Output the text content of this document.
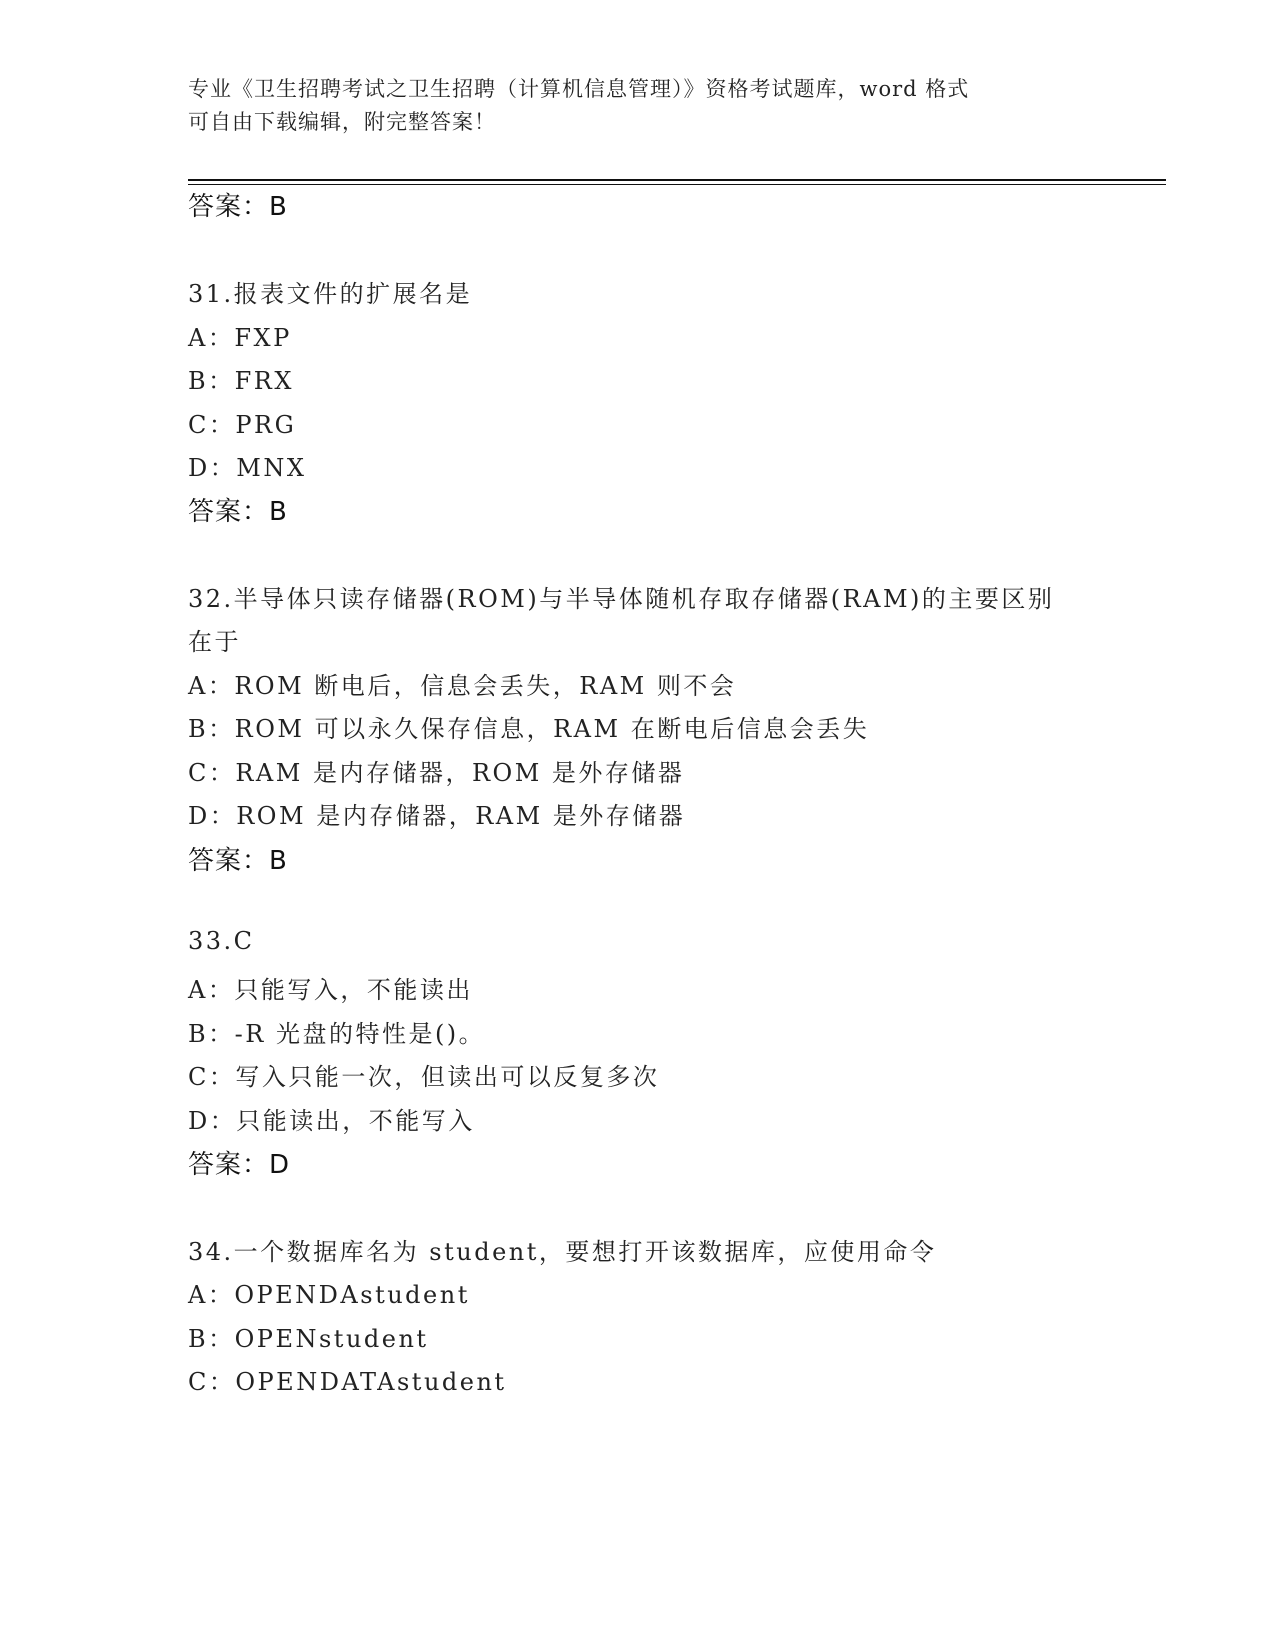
专业《卫生招聘考试之卫生招聘（计算机信息管理）》资格考试题库，word 格式
可自由下载编辑，附完整答案！
答案：B
31.报表文件的扩展名是
A：FXP
B：FRX
C：PRG
D：MNX
答案：B
32.半导体只读存储器(ROM)与半导体随机存取存储器(RAM)的主要区别
在于
A：ROM 断电后，信息会丢失，RAM 则不会
B：ROM 可以永久保存信息，RAM 在断电后信息会丢失
C：RAM 是内存储器，ROM 是外存储器
D：ROM 是内存储器，RAM 是外存储器
答案：B
33.C
A：只能写入，不能读出
B：-R 光盘的特性是()。
C：写入只能一次，但读出可以反复多次
D：只能读出，不能写入
答案：D
34.一个数据库名为 student，要想打开该数据库，应使用命令
A：OPENDAstudent
B：OPENstudent
C：OPENDATAstudent
